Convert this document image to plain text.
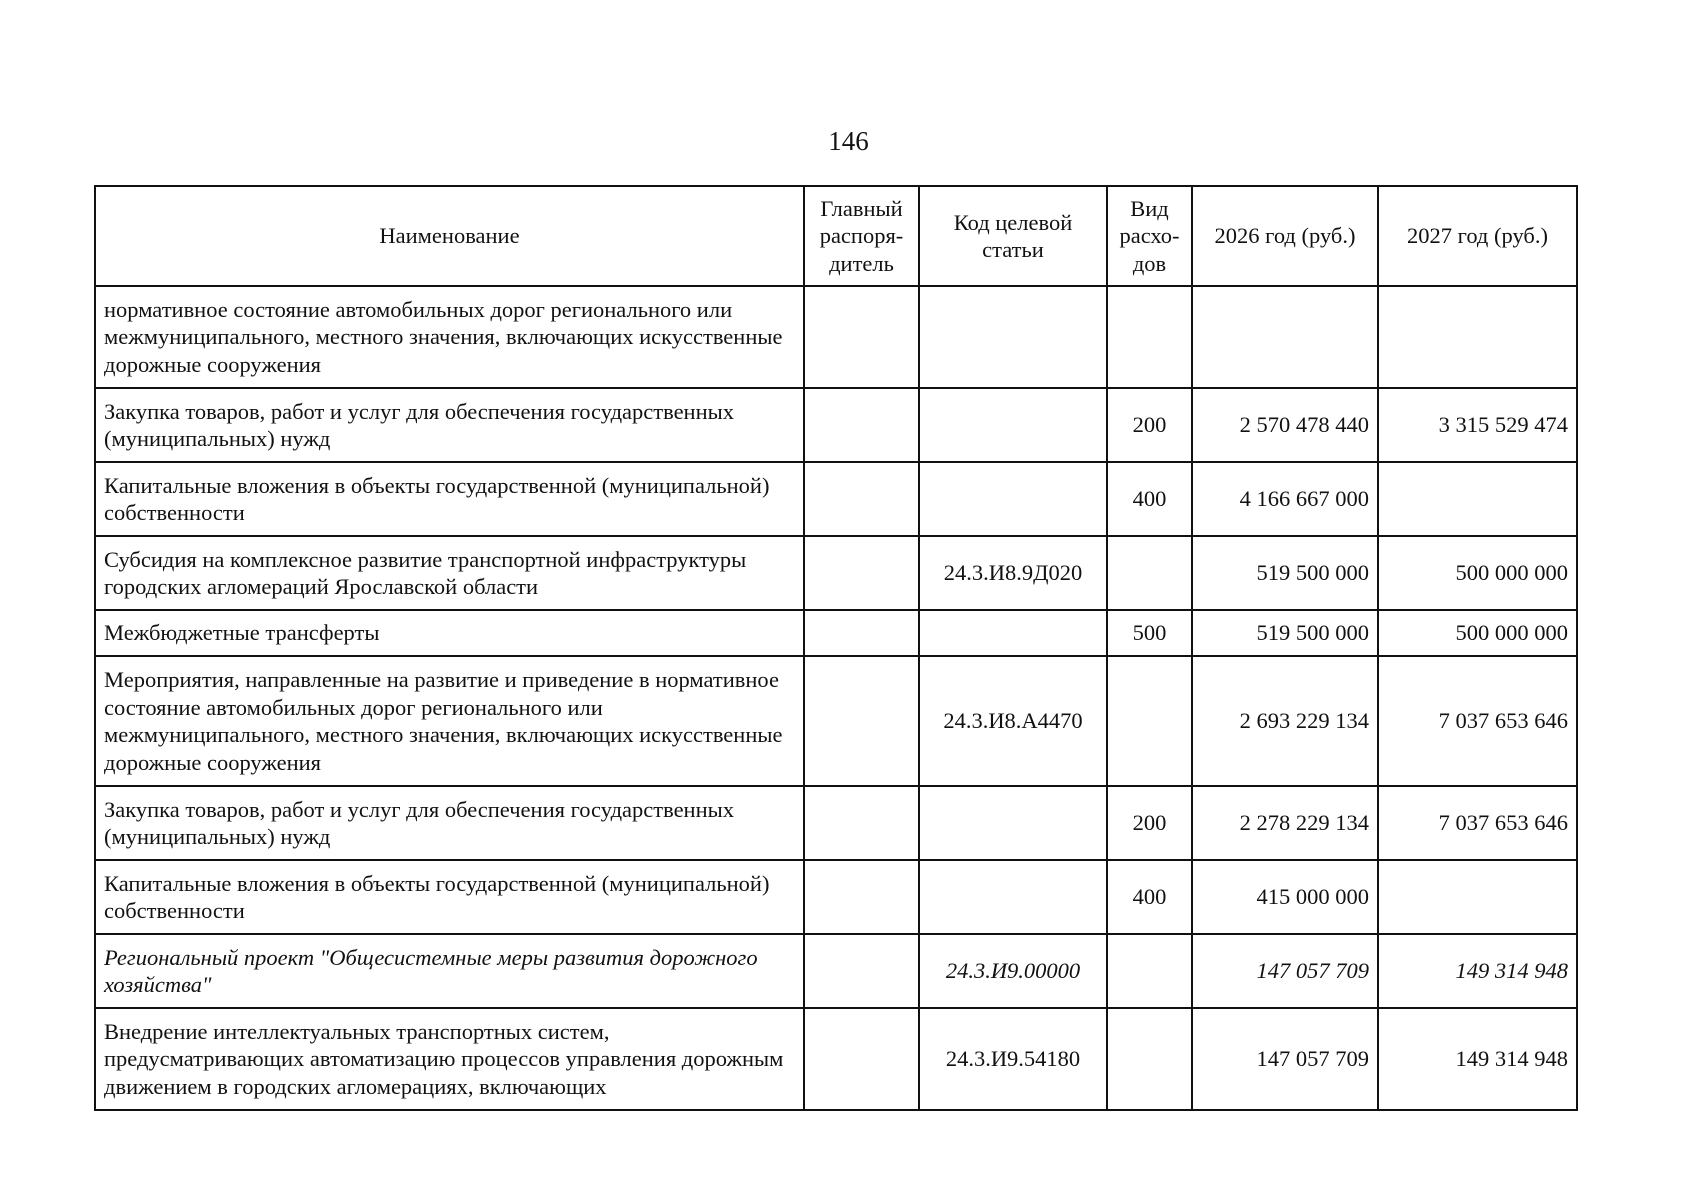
146
Наименование	Главный распоря-дитель	Код целевой статьи	Вид расхо-дов	2026 год (руб.)	2027 год (руб.)
нормативное состояние автомобильных дорог регионального или межмуниципального, местного значения, включающих искусственные дорожные сооружения					
Закупка товаров, работ и услуг для обеспечения государственных (муниципальных) нужд			200	2 570 478 440	3 315 529 474
Капитальные вложения в объекты государственной (муниципальной) собственности			400	4 166 667 000	
Субсидия на комплексное развитие транспортной инфраструктуры городских агломераций Ярославской области		24.3.И8.9Д020		519 500 000	500 000 000
Межбюджетные трансферты			500	519 500 000	500 000 000
Мероприятия, направленные на развитие и приведение в нормативное состояние автомобильных дорог регионального или межмуниципального, местного значения, включающих искусственные дорожные сооружения		24.3.И8.А4470		2 693 229 134	7 037 653 646
Закупка товаров, работ и услуг для обеспечения государственных (муниципальных) нужд			200	2 278 229 134	7 037 653 646
Капитальные вложения в объекты государственной (муниципальной) собственности			400	415 000 000	
Региональный проект "Общесистемные меры развития дорожного хозяйства"		24.3.И9.00000		147 057 709	149 314 948
Внедрение интеллектуальных транспортных систем, предусматривающих автоматизацию процессов управления дорожным движением в городских агломерациях, включающих		24.3.И9.54180		147 057 709	149 314 948
